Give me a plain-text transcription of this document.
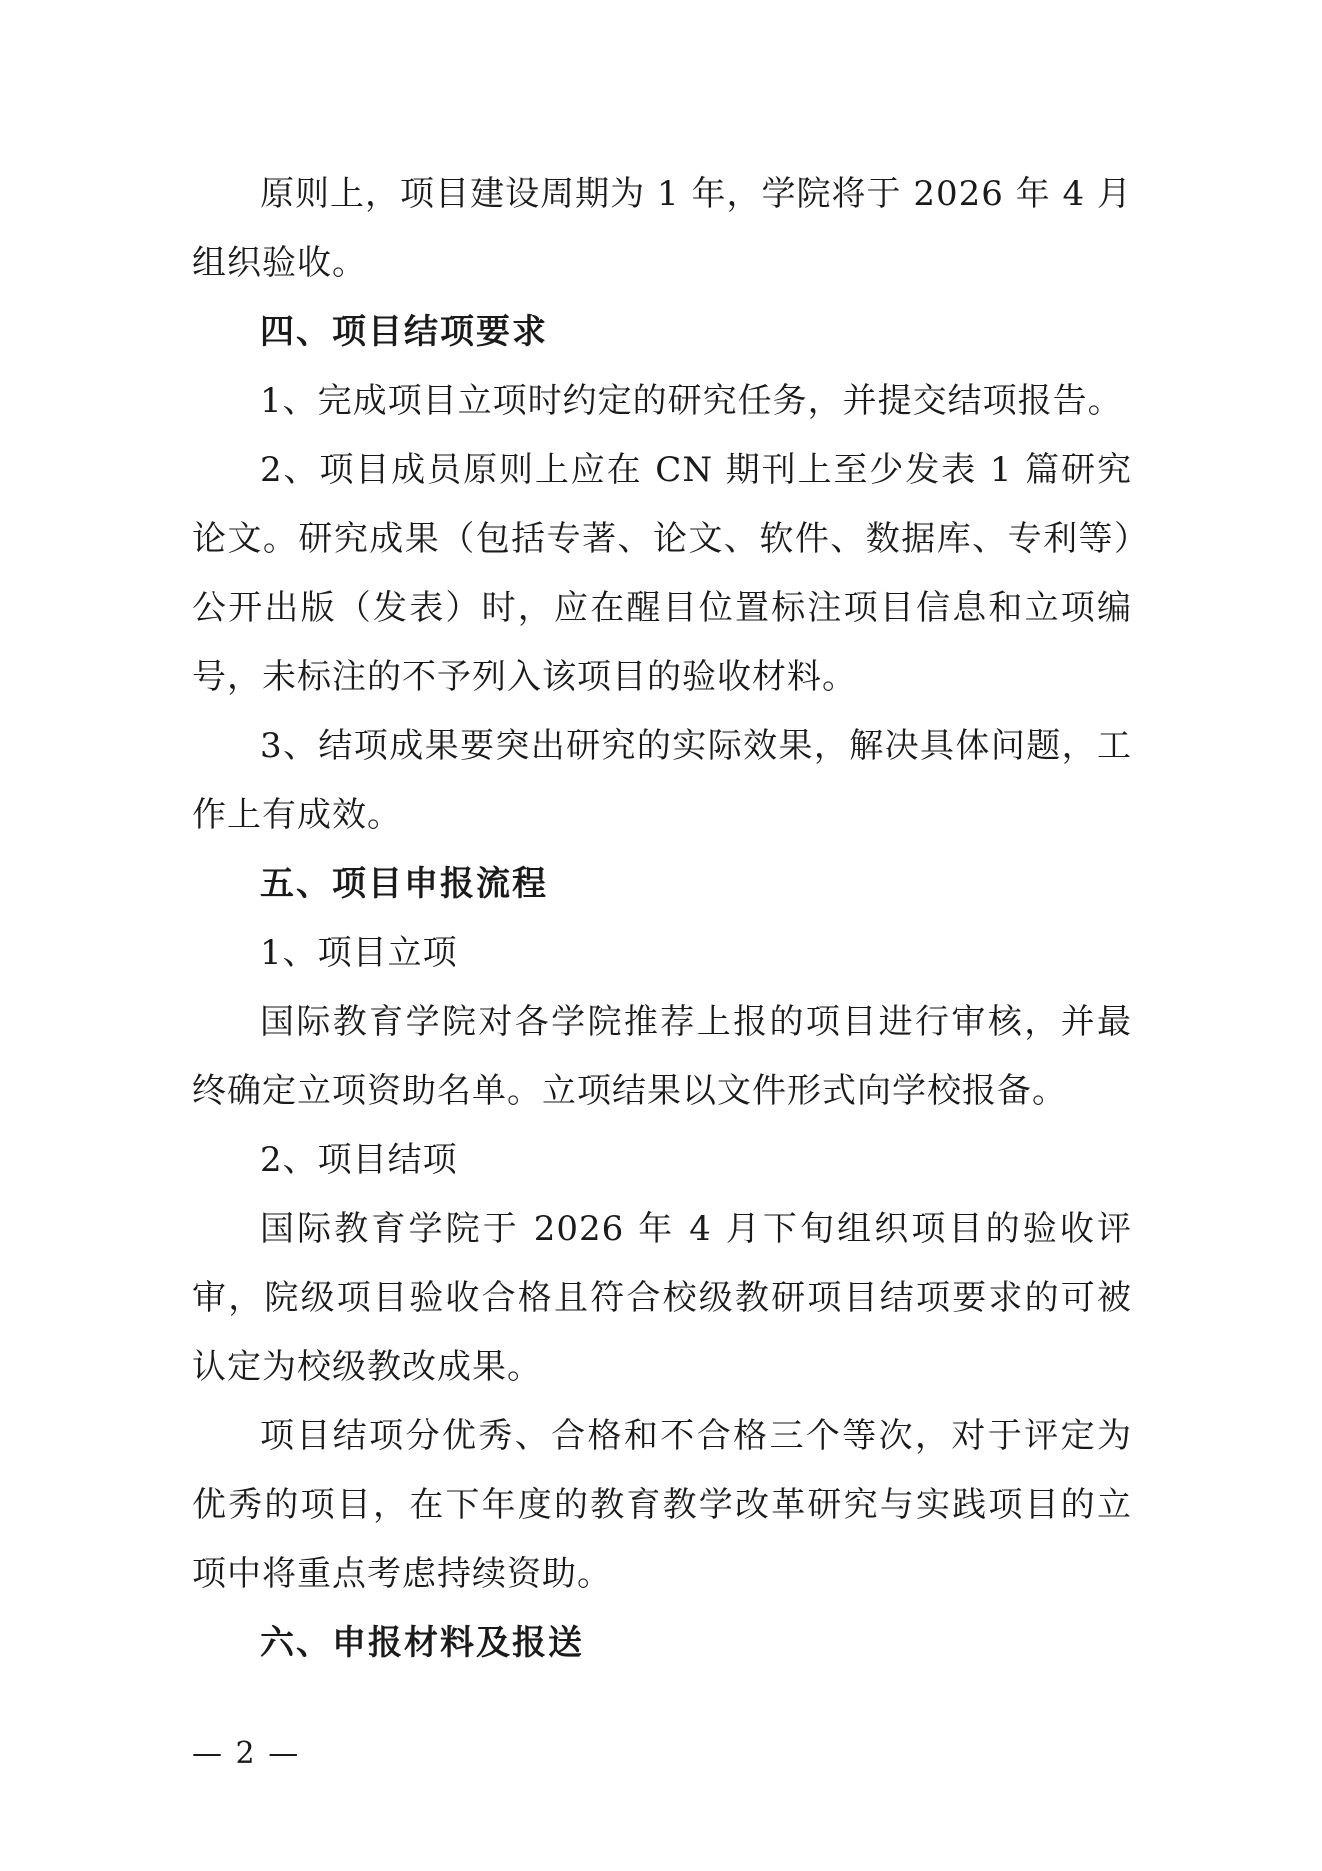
原则上，项目建设周期为 1 年，学院将于 2026 年 4 月组织验收。

四、项目结项要求

1、完成项目立项时约定的研究任务，并提交结项报告。

2、项目成员原则上应在 CN 期刊上至少发表 1 篇研究论文。研究成果（包括专著、论文、软件、数据库、专利等）公开出版（发表）时，应在醒目位置标注项目信息和立项编号，未标注的不予列入该项目的验收材料。

3、结项成果要突出研究的实际效果，解决具体问题，工作上有成效。

五、项目申报流程

1、项目立项

国际教育学院对各学院推荐上报的项目进行审核，并最终确定立项资助名单。立项结果以文件形式向学校报备。

2、项目结项

国际教育学院于 2026 年 4 月下旬组织项目的验收评审，院级项目验收合格且符合校级教研项目结项要求的可被认定为校级教改成果。

项目结项分优秀、合格和不合格三个等次，对于评定为优秀的项目，在下年度的教育教学改革研究与实践项目的立项中将重点考虑持续资助。

六、申报材料及报送

— 2 —
